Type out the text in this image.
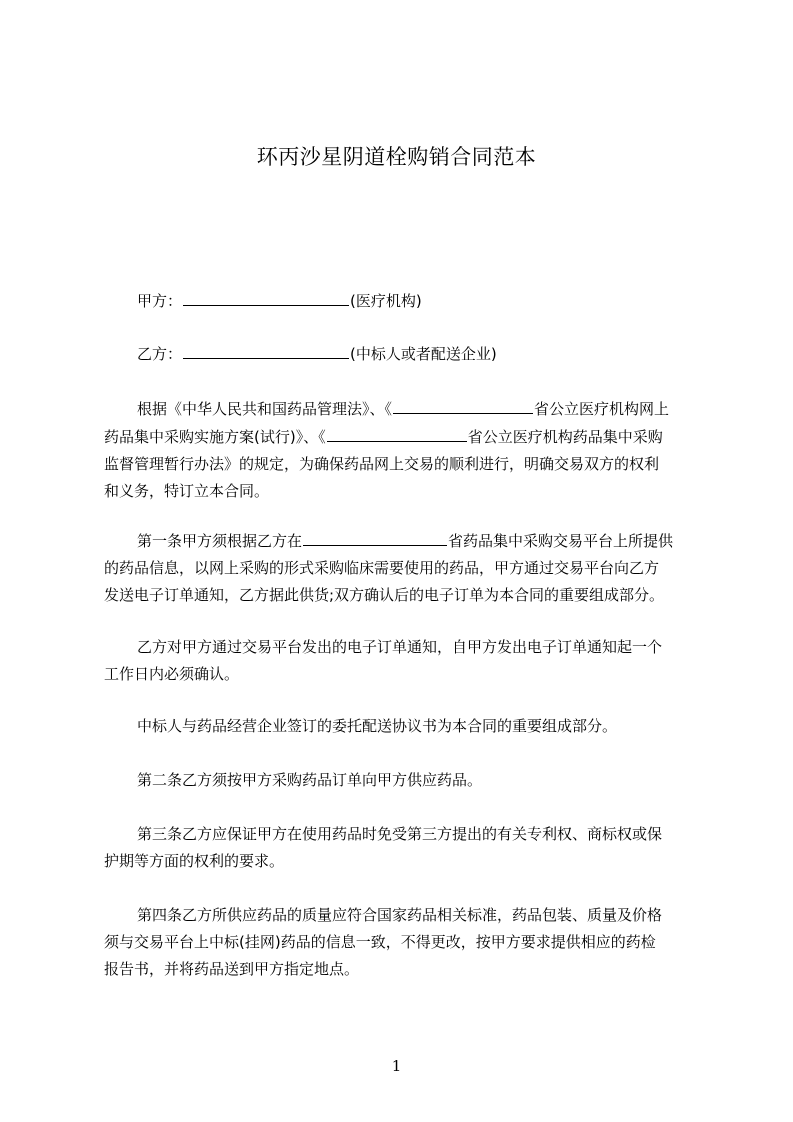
环丙沙星阴道栓购销合同范本
甲方：	(医疗机构)
乙方：	(中标人或者配送企业)
根据《中华人民共和国药品管理法》、《	省公立医疗机构网上
药品集中采购实施方案(试行)》、《	省公立医疗机构药品集中采购
监督管理暂行办法》的规定，为确保药品网上交易的顺利进行，明确交易双方的权利
和义务，特订立本合同。
第一条甲方须根据乙方在	省药品集中采购交易平台上所提供
的药品信息，以网上采购的形式采购临床需要使用的药品，甲方通过交易平台向乙方
发送电子订单通知，乙方据此供货;双方确认后的电子订单为本合同的重要组成部分。
乙方对甲方通过交易平台发出的电子订单通知，自甲方发出电子订单通知起一个
工作日内必须确认。
中标人与药品经营企业签订的委托配送协议书为本合同的重要组成部分。
第二条乙方须按甲方采购药品订单向甲方供应药品。
第三条乙方应保证甲方在使用药品时免受第三方提出的有关专利权、商标权或保
护期等方面的权利的要求。
第四条乙方所供应药品的质量应符合国家药品相关标准，药品包装、质量及价格
须与交易平台上中标(挂网)药品的信息一致，不得更改，按甲方要求提供相应的药检
报告书，并将药品送到甲方指定地点。
1
